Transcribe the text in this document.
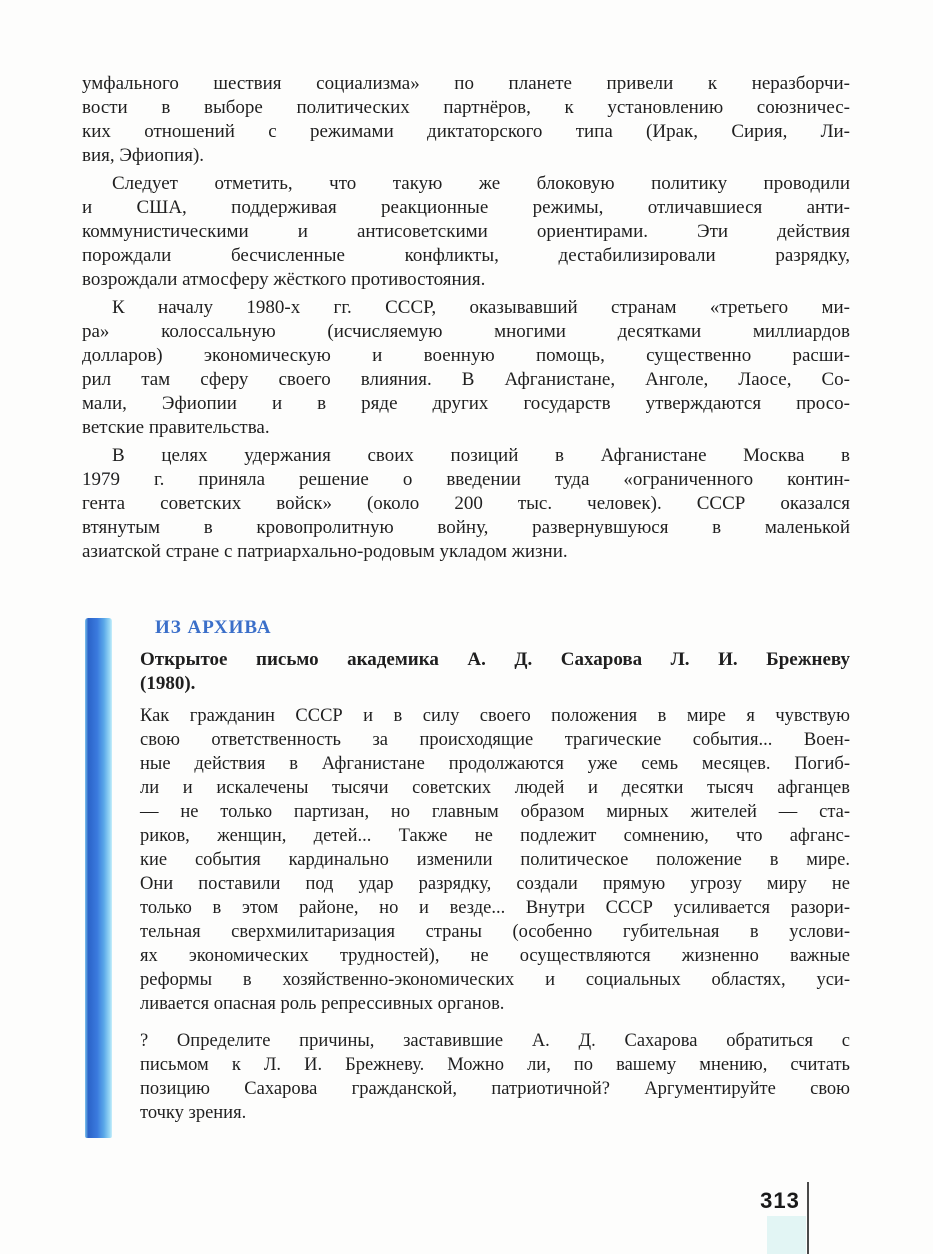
умфального шествия социализма» по планете привели к неразборчи-
вости в выборе политических партнёров, к установлению союзничес-
ких отношений с режимами диктаторского типа (Ирак, Сирия, Ли-
вия, Эфиопия).
Следует отметить, что такую же блоковую политику проводили
и США, поддерживая реакционные режимы, отличавшиеся анти-
коммунистическими и антисоветскими ориентирами. Эти действия
порождали бесчисленные конфликты, дестабилизировали разрядку,
возрождали атмосферу жёсткого противостояния.
К началу 1980-х гг. СССР, оказывавший странам «третьего ми-
ра» колоссальную (исчисляемую многими десятками миллиардов
долларов) экономическую и военную помощь, существенно расши-
рил там сферу своего влияния. В Афганистане, Анголе, Лаосе, Со-
мали, Эфиопии и в ряде других государств утверждаются просо-
ветские правительства.
В целях удержания своих позиций в Афганистане Москва в
1979 г. приняла решение о введении туда «ограниченного контин-
гента советских войск» (около 200 тыс. человек). СССР оказался
втянутым в кровопролитную войну, развернувшуюся в маленькой
азиатской стране с патриархально-родовым укладом жизни.
ИЗ АРХИВА
Открытое письмо академика А. Д. Сахарова Л. И. Брежневу
(1980).
Как гражданин СССР и в силу своего положения в мире я чувствую
свою ответственность за происходящие трагические события... Воен-
ные действия в Афганистане продолжаются уже семь месяцев. Погиб-
ли и искалечены тысячи советских людей и десятки тысяч афганцев
— не только партизан, но главным образом мирных жителей — ста-
риков, женщин, детей... Также не подлежит сомнению, что афганс-
кие события кардинально изменили политическое положение в мире.
Они поставили под удар разрядку, создали прямую угрозу миру не
только в этом районе, но и везде... Внутри СССР усиливается разори-
тельная сверхмилитаризация страны (особенно губительная в услови-
ях экономических трудностей), не осуществляются жизненно важные
реформы в хозяйственно-экономических и социальных областях, уси-
ливается опасная роль репрессивных органов.
? Определите причины, заставившие А. Д. Сахарова обратиться с
письмом к Л. И. Брежневу. Можно ли, по вашему мнению, считать
позицию Сахарова гражданской, патриотичной? Аргументируйте свою
точку зрения.
313
